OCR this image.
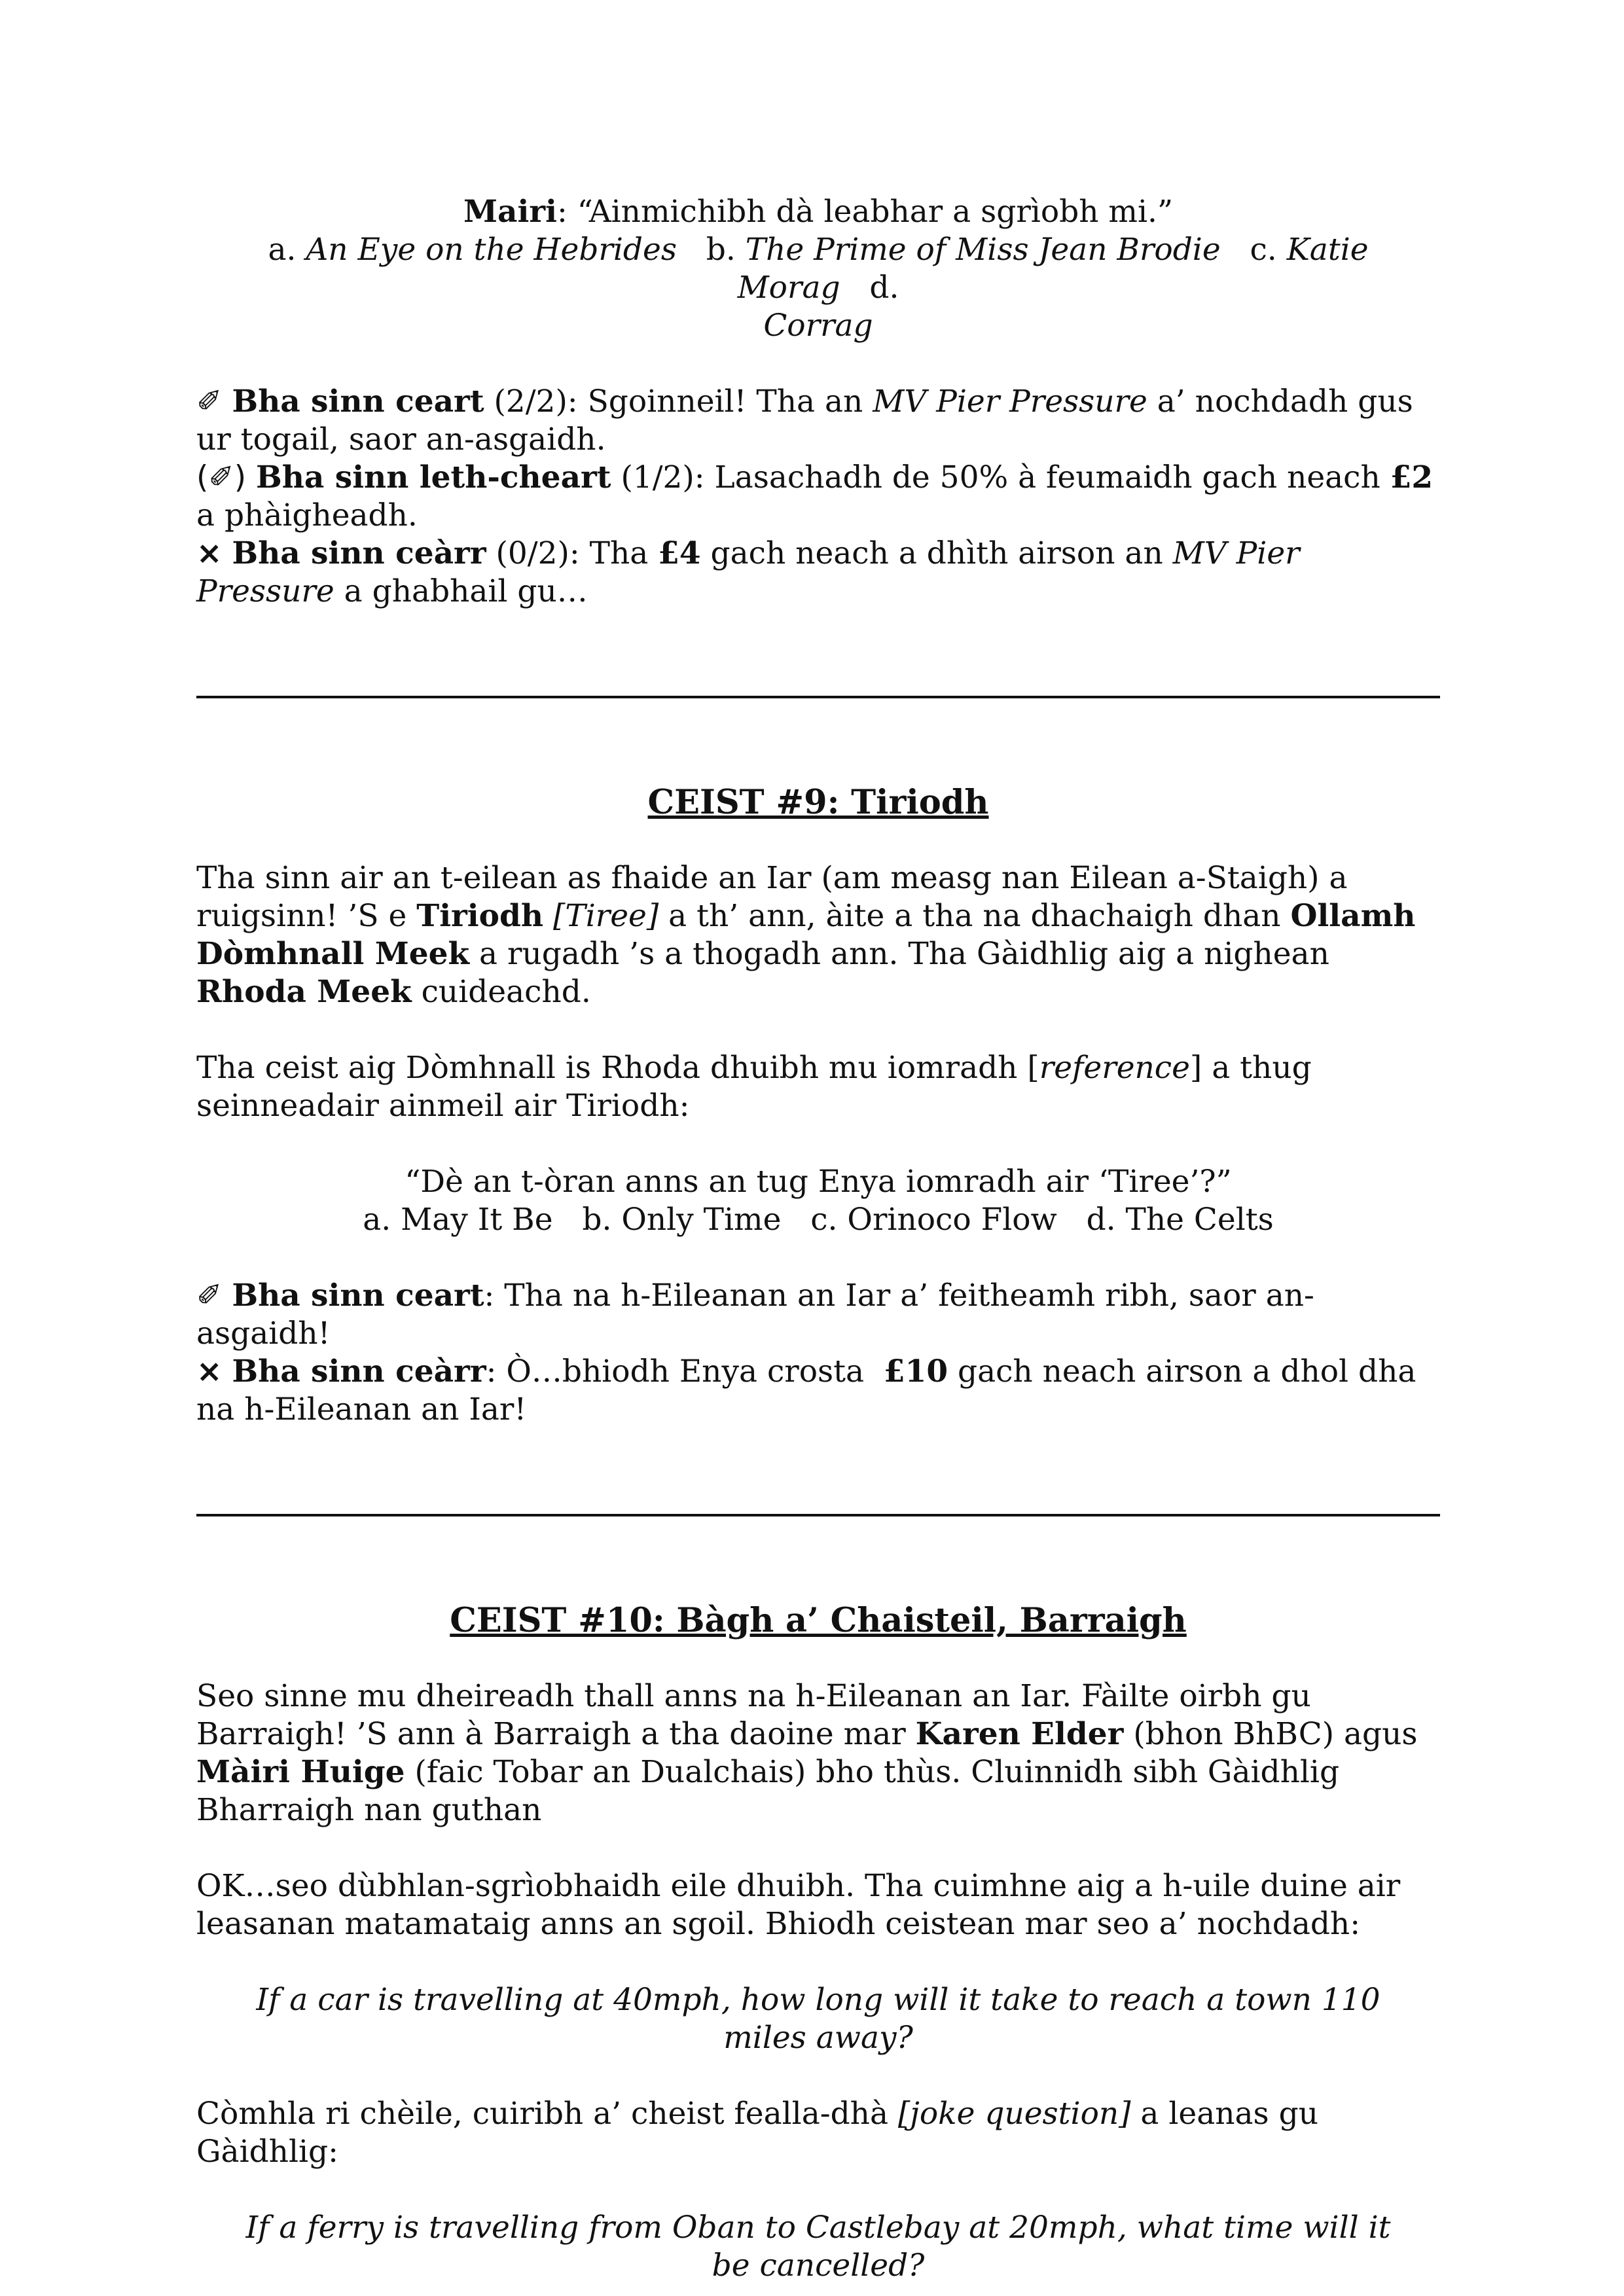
Mairi: “Ainmichibh dà leabhar a sgrìobh mi.”

a. An Eye on the Hebrides b. The Prime of Miss Jean Brodie c. Katie Morag d.
Corrag

✐ Bha sinn ceart (2/2): Sgoinneil! Tha an MV Pier Pressure a’ nochdadh gus ur togail, saor an-asgaidh.

(✐) Bha sinn leth-cheart (1/2): Lasachadh de 50% à feumaidh gach neach £2 a phàigheadh.

× Bha sinn ceàrr (0/2): Tha £4 gach neach a dhìth airson an MV Pier Pressure a ghabhail gu…

CEIST #9: Tiriodh

Tha sinn air an t-eilean as fhaide an Iar (am measg nan Eilean a-Staigh) a ruigsinn! ’S e Tiriodh [Tiree] a th’ ann, àite a tha na dhachaigh dhan Ollamh Dòmhnall Meek a rugadh ’s a thogadh ann. Tha Gàidhlig aig a nighean Rhoda Meek cuideachd.

Tha ceist aig Dòmhnall is Rhoda dhuibh mu iomradh [reference] a thug seinneadair ainmeil air Tiriodh:

“Dè an t-òran anns an tug Enya iomradh air ‘Tiree’?”

a. May It Be   b. Only Time   c. Orinoco Flow   d. The Celts

✐ Bha sinn ceart: Tha na h-Eileanan an Iar a’ feitheamh ribh, saor an-asgaidh!

× Bha sinn ceàrr: Ò…bhiodh Enya crosta  £10 gach neach airson a dhol dha na h-Eileanan an Iar!

CEIST #10: Bàgh a’ Chaisteil, Barraigh

Seo sinne mu dheireadh thall anns na h-Eileanan an Iar. Fàilte oirbh gu Barraigh! ’S ann à Barraigh a tha daoine mar Karen Elder (bhon BhBC) agus Màiri Huige (faic Tobar an Dualchais) bho thùs. Cluinnidh sibh Gàidhlig Bharraigh nan guthan

OK…seo dùbhlan-sgrìobhaidh eile dhuibh. Tha cuimhne aig a h-uile duine air leasanan matamataig anns an sgoil. Bhiodh ceistean mar seo a’ nochdadh:

If a car is travelling at 40mph, how long will it take to reach a town 110 miles away?

Còmhla ri chèile, cuiribh a’ cheist fealla-dhà [joke question] a leanas gu Gàidhlig:

If a ferry is travelling from Oban to Castlebay at 20mph, what time will it be cancelled?
